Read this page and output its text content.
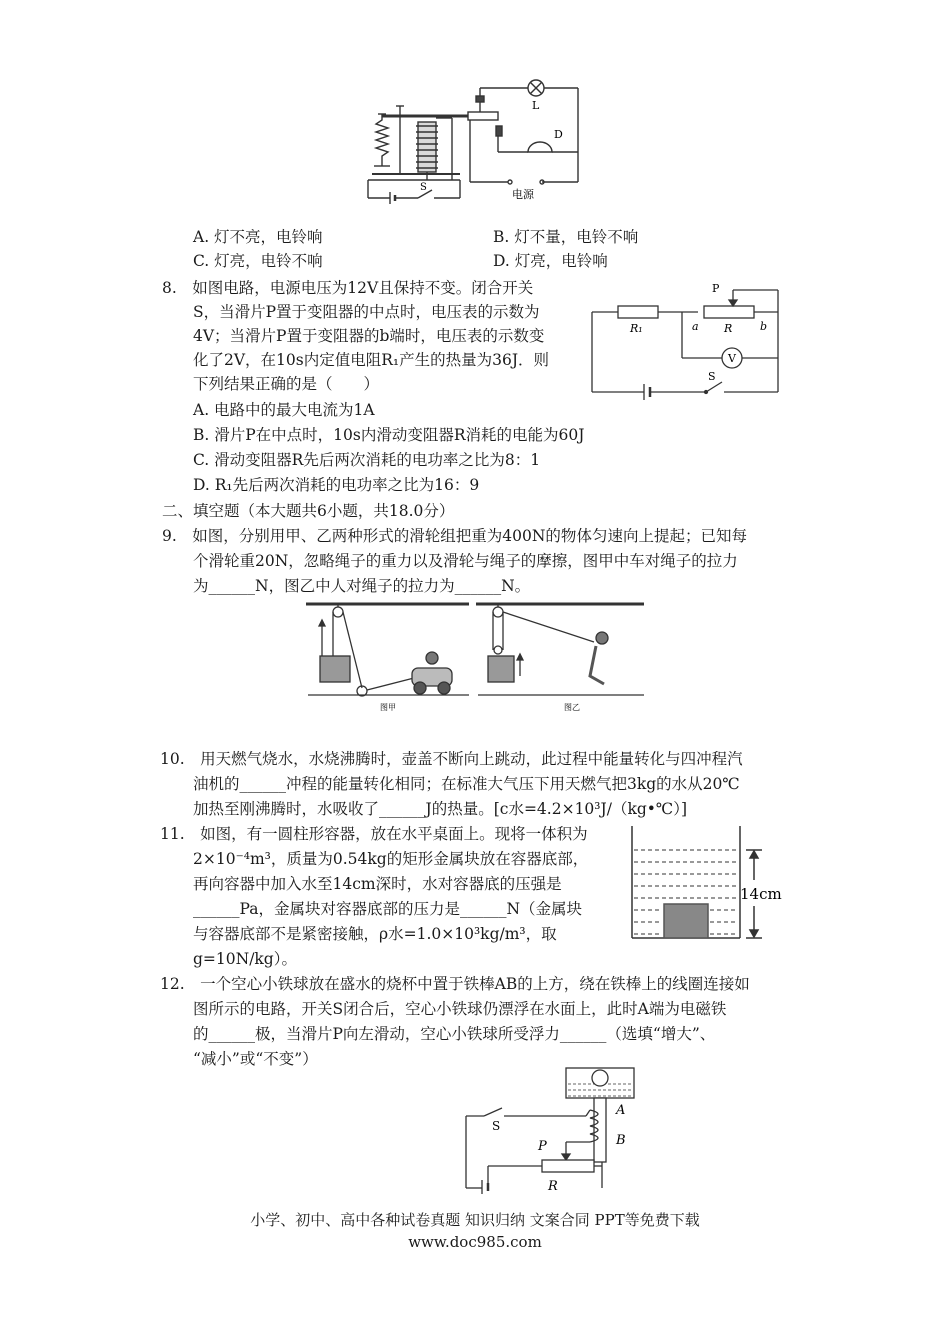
L
D
S
电源
A. 灯不亮，电铃响	B. 灯不量，电铃不响
C. 灯亮，电铃不响	D. 灯亮，电铃响
8.　如图电路，电源电压为12V且保持不变。闭合开关
S，当滑片P置于变阻器的中点时，电压表的示数为
4V；当滑片P置于变阻器的b端时，电压表的示数变
化了2V，在10s内定值电阻R₁产生的热量为36J．则
下列结果正确的是（　　）
P
R₁	a R	b
V
S
A. 电路中的最大电流为1A
B. 滑片P在中点时，10s内滑动变阻器R消耗的电能为60J
C. 滑动变阻器R先后两次消耗的电功率之比为8：1
D. R₁先后两次消耗的电功率之比为16：9
二、填空题（本大题共6小题，共18.0分）
9.　如图，分别用甲、乙两种形式的滑轮组把重为400N的物体匀速向上提起；已知每
个滑轮重20N，忽略绳子的重力以及滑轮与绳子的摩擦，图甲中车对绳子的拉力
为______N，图乙中人对绳子的拉力为______N。
图甲	图乙
10.　用天燃气烧水，水烧沸腾时，壶盖不断向上跳动，此过程中能量转化与四冲程汽
油机的______冲程的能量转化相同；在标准大气压下用天燃气把3kg的水从20℃
加热至刚沸腾时，水吸收了______J的热量。[c水=4.2×10³J/（kg•℃）]
11.　如图，有一圆柱形容器，放在水平桌面上。现将一体积为
2×10⁻⁴m³，质量为0.54kg的矩形金属块放在容器底部，
再向容器中加入水至14cm深时，水对容器底的压强是
______Pa，金属块对容器底部的压力是______N（金属块
与容器底部不是紧密接触，ρ水=1.0×10³kg/m³，取
g=10N/kg）。
14cm
12.　一个空心小铁球放在盛水的烧杯中置于铁棒AB的上方，绕在铁棒上的线圈连接如
图所示的电路，开关S闭合后，空心小铁球仍漂浮在水面上，此时A端为电磁铁
的______极，当滑片P向左滑动，空心小铁球所受浮力______（选填“增大”、
“减小”或“不变”）
S
A
B
P
R
小学、初中、高中各种试卷真题 知识归纳 文案合同 PPT等免费下载
www.doc985.com
